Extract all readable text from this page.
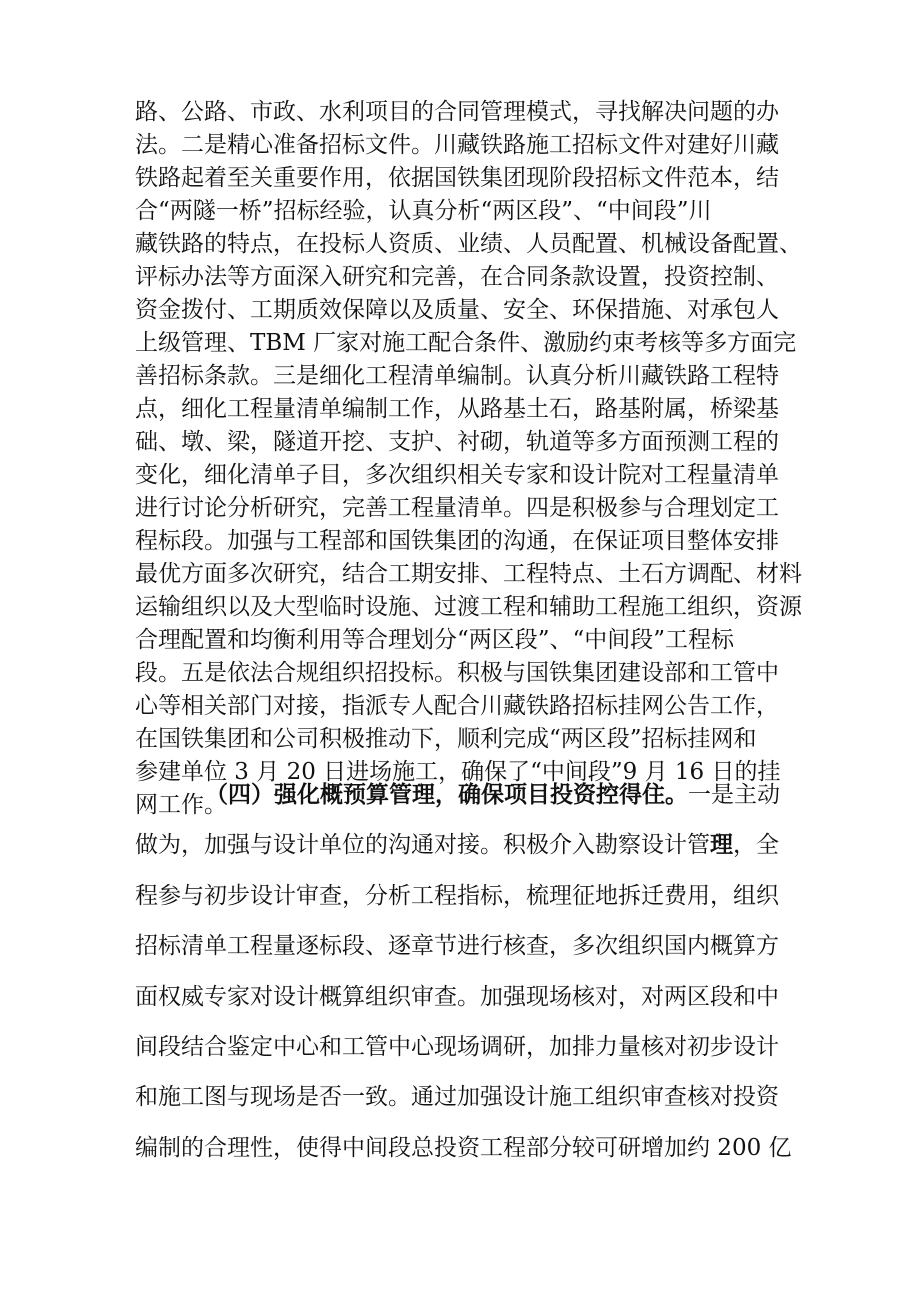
路、公路、市政、水利项目的合同管理模式，寻找解决问题的办
法。二是精心准备招标文件。川藏铁路施工招标文件对建好川藏
铁路起着至关重要作用，依据国铁集团现阶段招标文件范本，结
合“两隧一桥”招标经验，认真分析“两区段”、“中间段”川
藏铁路的特点，在投标人资质、业绩、人员配置、机械设备配置、
评标办法等方面深入研究和完善，在合同条款设置，投资控制、
资金拨付、工期质效保障以及质量、安全、环保措施、对承包人
上级管理、TBM 厂家对施工配合条件、激励约束考核等多方面完
善招标条款。三是细化工程清单编制。认真分析川藏铁路工程特
点，细化工程量清单编制工作，从路基土石，路基附属，桥梁基
础、墩、梁，隧道开挖、支护、衬砌，轨道等多方面预测工程的
变化，细化清单子目，多次组织相关专家和设计院对工程量清单
进行讨论分析研究，完善工程量清单。四是积极参与合理划定工
程标段。加强与工程部和国铁集团的沟通，在保证项目整体安排
最优方面多次研究，结合工期安排、工程特点、土石方调配、材料
运输组织以及大型临时设施、过渡工程和辅助工程施工组织，资源
合理配置和均衡利用等合理划分“两区段”、“中间段”工程标
段。五是依法合规组织招投标。积极与国铁集团建设部和工管中
心等相关部门对接，指派专人配合川藏铁路招标挂网公告工作，
在国铁集团和公司积极推动下，顺利完成“两区段”招标挂网和
参建单位 3 月 20 日进场施工，确保了“中间段”9 月 16 日的挂
网工作。
（四）强化概预算管理，确保项目投资控得住。一是主动
做为，加强与设计单位的沟通对接。积极介入勘察设计管理，全
程参与初步设计审查，分析工程指标，梳理征地拆迁费用，组织
招标清单工程量逐标段、逐章节进行核查，多次组织国内概算方
面权威专家对设计概算组织审查。加强现场核对，对两区段和中
间段结合鉴定中心和工管中心现场调研，加排力量核对初步设计
和施工图与现场是否一致。通过加强设计施工组织审查核对投资
编制的合理性，使得中间段总投资工程部分较可研增加约 200 亿
